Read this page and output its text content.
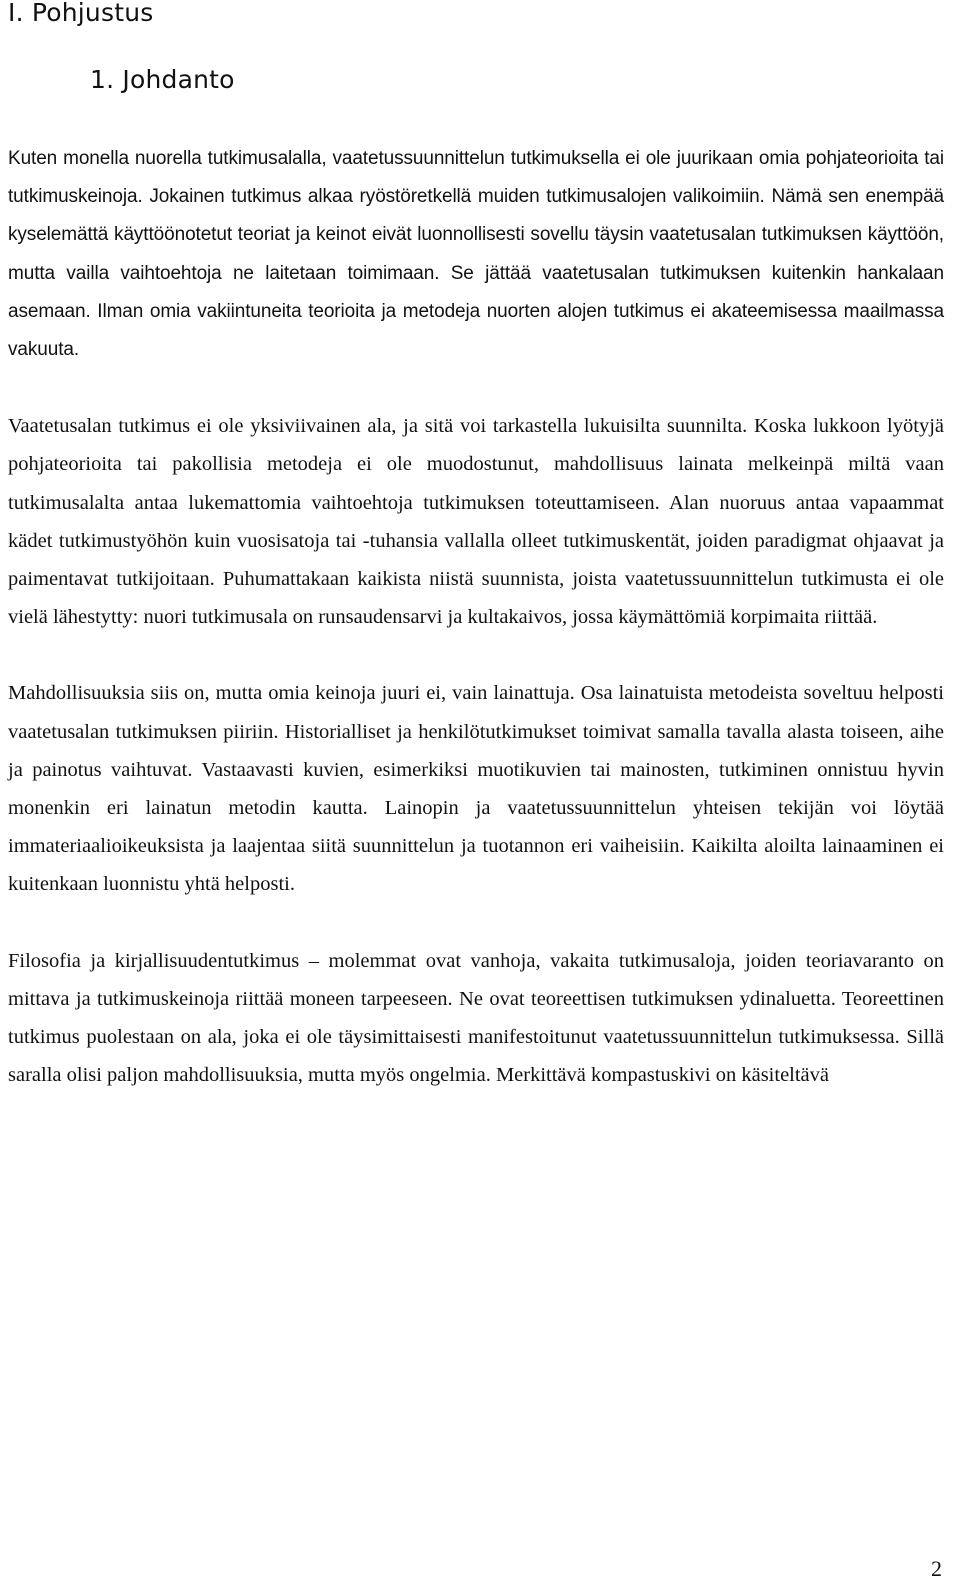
I. Pohjustus
1. Johdanto

Kuten monella nuorella tutkimusalalla, vaatetussuunnittelun tutkimuksella ei ole juurikaan omia pohjateorioita tai tutkimuskeinoja. Jokainen tutkimus alkaa ryöstöretkellä muiden tutkimusalojen valikoimiin. Nämä sen enempää kyselemättä käyttöönotetut teoriat ja keinot eivät luonnollisesti sovellu täysin vaatetusalan tutkimuksen käyttöön, mutta vailla vaihtoehtoja ne laitetaan toimimaan. Se jättää vaatetusalan tutkimuksen kuitenkin hankalaan asemaan. Ilman omia vakiintuneita teorioita ja metodeja nuorten alojen tutkimus ei akateemisessa maailmassa vakuuta.

Vaatetusalan tutkimus ei ole yksiviivainen ala, ja sitä voi tarkastella lukuisilta suunnilta. Koska lukkoon lyötyjä pohjateorioita tai pakollisia metodeja ei ole muodostunut, mahdollisuus lainata melkeinpä miltä vaan tutkimusalalta antaa lukemattomia vaihtoehtoja tutkimuksen toteuttamiseen. Alan nuoruus antaa vapaammat kädet tutkimustyöhön kuin vuosisatoja tai -tuhansia vallalla olleet tutkimuskentät, joiden paradigmat ohjaavat ja paimentavat tutkijoitaan. Puhumattakaan kaikista niistä suunnista, joista vaatetussuunnittelun tutkimusta ei ole vielä lähestytty: nuori tutkimusala on runsaudensarvi ja kultakaivos, jossa käymättömiä korpimaita riittää.

Mahdollisuuksia siis on, mutta omia keinoja juuri ei, vain lainattuja. Osa lainatuista metodeista soveltuu helposti vaatetusalan tutkimuksen piiriin. Historialliset ja henkilötutkimukset toimivat samalla tavalla alasta toiseen, aihe ja painotus vaihtuvat. Vastaavasti kuvien, esimerkiksi muotikuvien tai mainosten, tutkiminen onnistuu hyvin monenkin eri lainatun metodin kautta. Lainopin ja vaatetussuunnittelun yhteisen tekijän voi löytää immateriaalioikeuksista ja laajentaa siitä suunnittelun ja tuotannon eri vaiheisiin. Kaikilta aloilta lainaaminen ei kuitenkaan luonnistu yhtä helposti.

Filosofia ja kirjallisuudentutkimus – molemmat ovat vanhoja, vakaita tutkimusaloja, joiden teoriavaranto on mittava ja tutkimuskeinoja riittää moneen tarpeeseen. Ne ovat teoreettisen tutkimuksen ydinaluetta. Teoreettinen tutkimus puolestaan on ala, joka ei ole täysimittaisesti manifestoitunut vaatetussuunnittelun tutkimuksessa. Sillä saralla olisi paljon mahdollisuuksia, mutta myös ongelmia. Merkittävä kompastuskivi on käsiteltävä

2
